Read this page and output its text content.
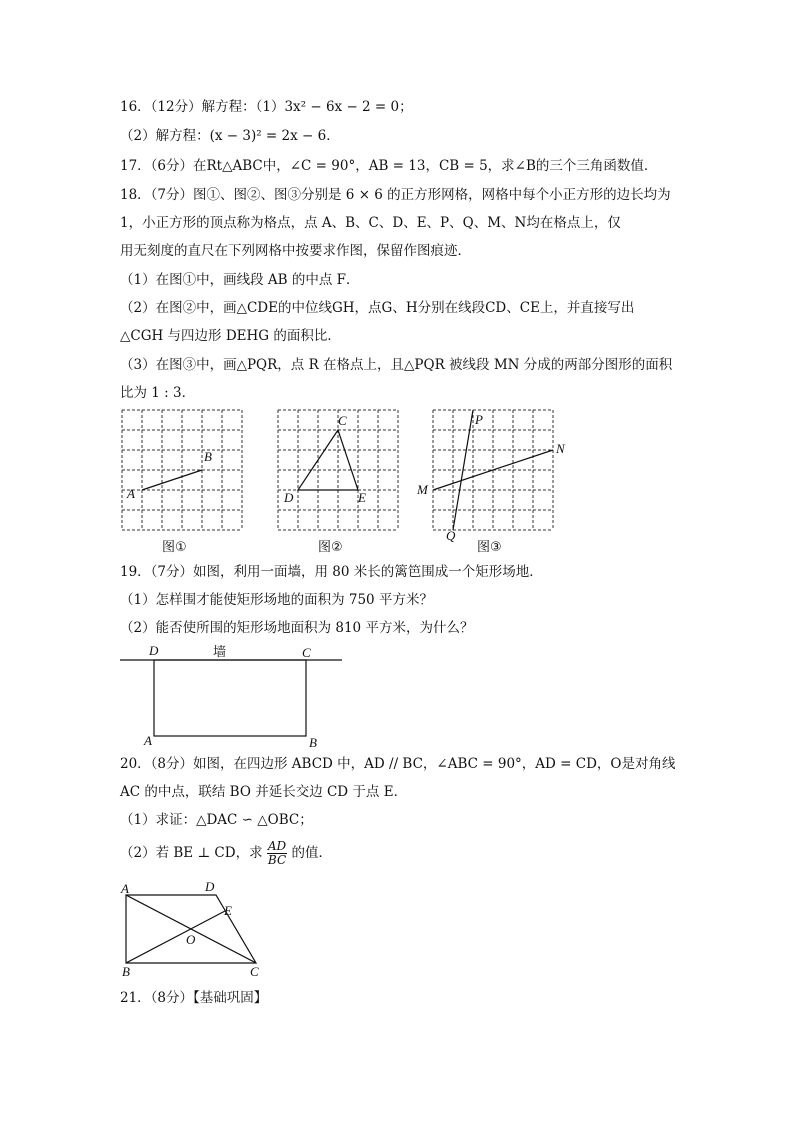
16．（12分）解方程：（1）3x² − 6x − 2 = 0；
（2）解方程：(x − 3)² = 2x − 6．
17．（6分）在Rt△ABC中，∠C = 90°，AB = 13，CB = 5，求∠B的三个三角函数值．
18．（7分）图①、图②、图③分别是 6 × 6 的正方形网格，网格中每个小正方形的边长均为
1，小正方形的顶点称为格点，点 A、B、C、D、E、P、Q、M、N均在格点上，仅
用无刻度的直尺在下列网格中按要求作图，保留作图痕迹．
（1）在图①中，画线段 AB 的中点 F．
（2）在图②中，画△CDE的中位线GH，点G、H分别在线段CD、CE上，并直接写出
△CGH 与四边形 DEHG 的面积比．
（3）在图③中，画△PQR，点 R 在格点上，且△PQR 被线段 MN 分成的两部分图形的面积
比为 1 : 3．
A
B
图①
C
D	E
图②
P
Q
M
N
图③
19．（7分）如图，利用一面墙，用 80 米长的篱笆围成一个矩形场地．
（1）怎样围才能使矩形场地的面积为 750 平方米？
（2）能否使所围的矩形场地面积为 810 平方米，为什么？
D	墙	C
A	B
20．（8分）如图，在四边形 ABCD 中，AD // BC，∠ABC = 90°，AD = CD，O是对角线
AC 的中点，联结 BO 并延长交边 CD 于点 E．
（1）求证：△DAC ∽ △OBC；
（2）若 BE ⊥ CD，求 $\frac{AD}{BC}$ 的值．
A	D
E
O
B	C
21．（8分）【基础巩固】
